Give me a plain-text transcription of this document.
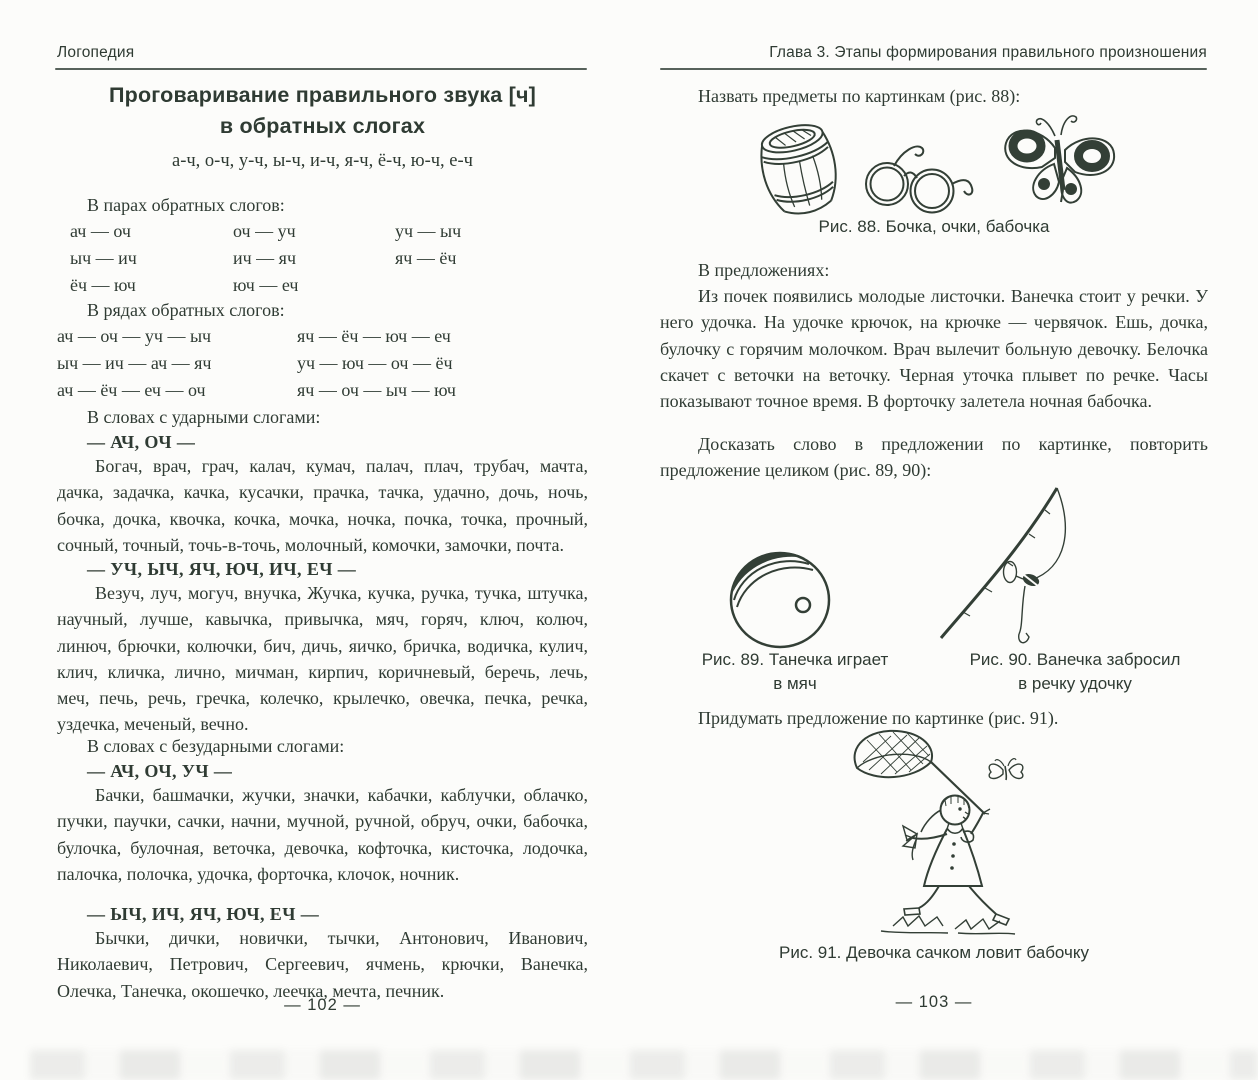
Логопедия
Проговаривание правильного звука [ч]
в обратных слогах
а-ч, о-ч, у-ч, ы-ч, и-ч, я-ч, ё-ч, ю-ч, е-ч
В парах обратных слогов:
ач — оч	оч — уч	уч — ыч
ыч — ич	ич — яч	яч — ёч
ёч — юч	юч — еч
В рядах обратных слогов:
ач — оч — уч — ыч	яч — ёч — юч — еч
ыч — ич — ач — яч	уч — юч — оч — ёч
ач — ёч — еч — оч	яч — оч — ыч — юч
В словах с ударными слогами:
— АЧ, ОЧ —
Богач, врач, грач, калач, кумач, палач, плач, трубач, мачта, дачка, задачка, качка, кусачки, прачка, тачка, удачно, дочь, ночь, бочка, дочка, квочка, кочка, мочка, ночка, почка, точка, прочный, сочный, точный, точь-в-точь, молочный, комочки, замочки, почта.
— УЧ, ЫЧ, ЯЧ, ЮЧ, ИЧ, ЕЧ —
Везуч, луч, могуч, внучка, Жучка, кучка, ручка, тучка, штучка, научный, лучше, кавычка, привычка, мяч, горяч, ключ, колюч, линюч, брючки, колючки, бич, дичь, яичко, бричка, водичка, кулич, клич, кличка, лично, мичман, кирпич, коричневый, беречь, лечь, меч, печь, речь, гречка, колечко, крылечко, овечка, печка, речка, уздечка, меченый, вечно.
В словах с безударными слогами:
— АЧ, ОЧ, УЧ —
Бачки, башмачки, жучки, значки, кабачки, каблучки, облачко, пучки, паучки, сачки, начни, мучной, ручной, обруч, очки, бабочка, булочка, булочная, веточка, девочка, кофточка, кисточка, лодочка, палочка, полочка, удочка, форточка, клочок, ночник.
— ЫЧ, ИЧ, ЯЧ, ЮЧ, ЕЧ —
Бычки, дички, новички, тычки, Антонович, Иванович, Николаевич, Петрович, Сергеевич, ячмень, крючки, Ванечка, Олечка, Танечка, окошечко, леечка, мечта, печник.
— 102 —
Глава 3. Этапы формирования правильного произношения
Назвать предметы по картинкам (рис. 88):
Рис. 88. Бочка, очки, бабочка
В предложениях:
Из почек появились молодые листочки. Ванечка стоит у речки. У него удочка. На удочке крючок, на крючке — червячок. Ешь, дочка, булочку с горячим молочком. Врач вылечит больную девочку. Белочка скачет с веточки на веточку. Черная уточка плывет по речке. Часы показывают точное время. В форточку залетела ночная бабочка.
Досказать слово в предложении по картинке, повторить предложение целиком (рис. 89, 90):
Рис. 89. Танечка играет
в мяч
Рис. 90. Ванечка забросил
в речку удочку
Придумать предложение по картинке (рис. 91).
Рис. 91. Девочка сачком ловит бабочку
— 103 —
